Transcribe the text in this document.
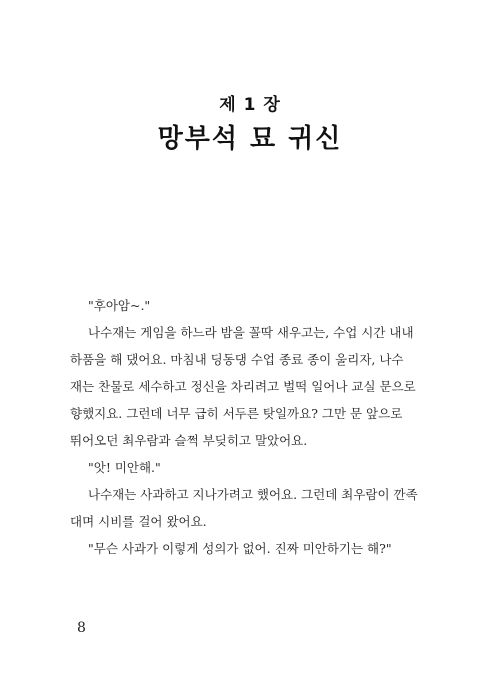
제 1 장
망부석 묘 귀신
"후아암~."
나수재는 게임을 하느라 밤을 꼴딱 새우고는, 수업 시간 내내
하품을 해 댔어요. 마침내 딩동댕 수업 종료 종이 울리자, 나수
재는 찬물로 세수하고 정신을 차리려고 벌떡 일어나 교실 문으로
향했지요. 그런데 너무 급히 서두른 탓일까요? 그만 문 앞으로
뛰어오던 최우람과 슬쩍 부딪히고 말았어요.
"앗! 미안해."
나수재는 사과하고 지나가려고 했어요. 그런데 최우람이 깐족
대며 시비를 걸어 왔어요.
"무슨 사과가 이렇게 성의가 없어. 진짜 미안하기는 해?"
8
